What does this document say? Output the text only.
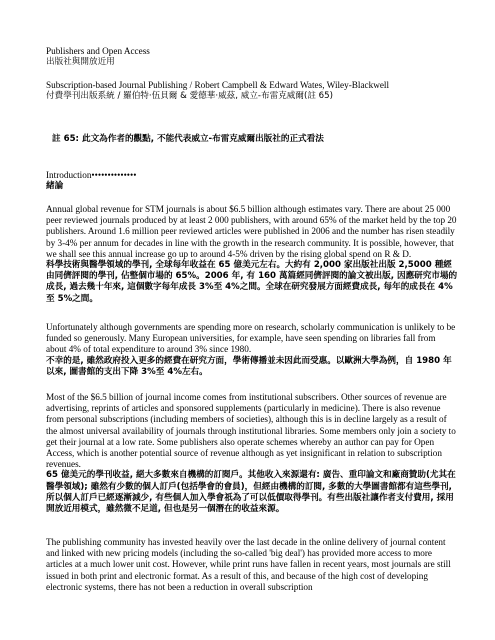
Publishers and Open Access

出版社與開放近用

Subscription-based Journal Publishing / Robert Campbell & Edward Wates, Wiley-Blackwell

付費學刊出版系統 / 羅伯特·伍貝爾 & 愛德華·威茲, 威立-布雷克威爾(註 65)

註 65: 此文為作者的觀點, 不能代表威立-布雷克威爾出版社的正式看法

Introduction••••••••••••••

緒論

Annual global revenue for STM journals is about $6.5 billion although estimates vary. There are about 25 000 peer reviewed journals produced by at least 2 000 publishers, with around 65% of the market held by the top 20 publishers. Around 1.6 million peer reviewed articles were published in 2006 and the number has risen steadily by 3-4% per annum for decades in line with the growth in the research community. It is possible, however, that we shall see this annual increase go up to around 4-5% driven by the rising global spend on R & D.

科學技術與醫學領域的學刊, 全球每年收益在 65 億美元左右。大約有 2,000 家出版社出版 2,5000 種經由同儕評閱的學刊, 佔整個市場的 65%。2006 年, 有 160 萬篇經同儕評閱的論文被出版, 因應研究市場的成長, 過去幾十年來, 這個數字每年成長 3%至 4%之間。全球在研究發展方面經費成長, 每年的成長在 4%至 5%之間。

Unfortunately although governments are spending more on research, scholarly communication is unlikely to be funded so generously. Many European universities, for example, have seen spending on libraries fall from about 4% of total expenditure to around 3% since 1980.

不幸的是, 雖然政府投入更多的經費在研究方面，學術傳播並未因此而受惠。以歐洲大學為例，自 1980 年以來, 圖書館的支出下降 3%至 4%左右。

Most of the $6.5 billion of journal income comes from institutional subscribers. Other sources of revenue are advertising, reprints of articles and sponsored supplements (particularly in medicine). There is also revenue from personal subscriptions (including members of societies), although this is in decline largely as a result of the almost universal availability of journals through institutional libraries. Some members only join a society to get their journal at a low rate. Some publishers also operate schemes whereby an author can pay for Open Access, which is another potential source of revenue although as yet insignificant in relation to subscription revenues.

65 億美元的學刊收益, 絕大多數來自機構的訂閱戶。其他收入來源還有: 廣告、重印論文和廠商贊助(尤其在醫學領域); 雖然有少數的個人訂戶(包括學會的會員)，但經由機構的訂閱, 多數的大學圖書館都有這些學刊, 所以個人訂戶已經逐漸減少, 有些個人加入學會祇為了可以低價取得學刊。有些出版社讓作者支付費用, 採用開放近用模式，雖然微不足道, 但也是另一個潛在的收益來源。

The publishing community has invested heavily over the last decade in the online delivery of journal content and linked with new pricing models (including the so-called 'big deal') has provided more access to more articles at a much lower unit cost. However, while print runs have fallen in recent years, most journals are still issued in both print and electronic format. As a result of this, and because of the high cost of developing electronic systems, there has not been a reduction in overall subscription
